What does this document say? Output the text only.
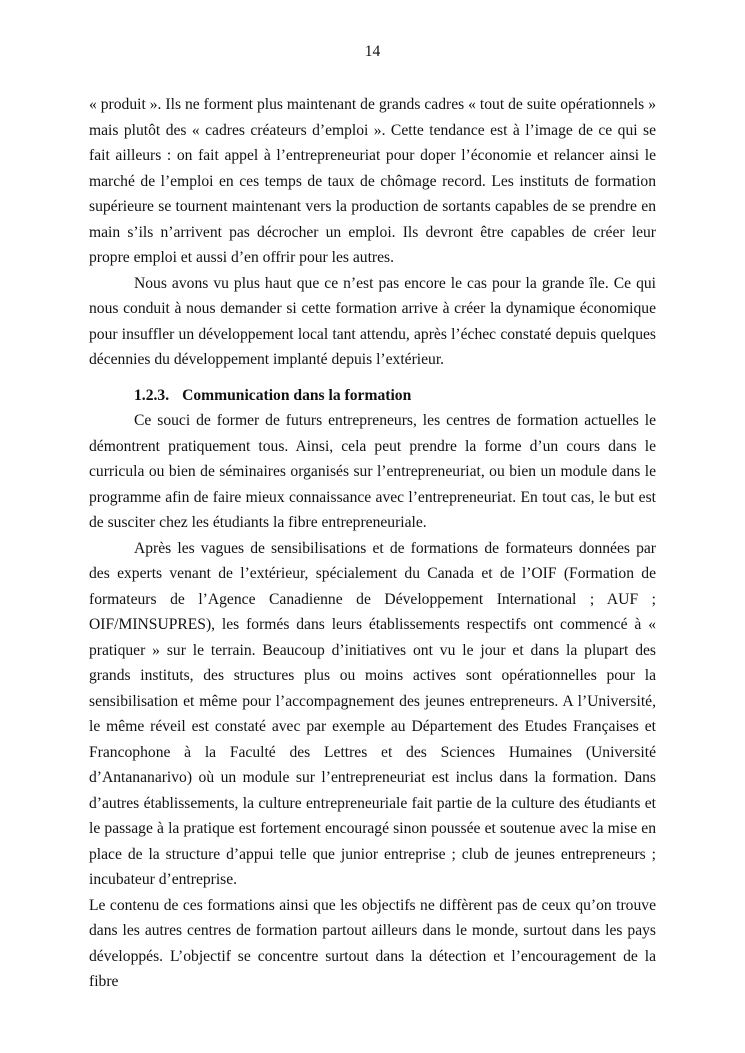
14

« produit ». Ils ne forment plus maintenant de grands cadres « tout de suite opérationnels » mais plutôt des « cadres créateurs d’emploi ». Cette tendance est à l’image de ce qui se fait ailleurs : on fait appel à l’entrepreneuriat pour doper l’économie et relancer ainsi le marché de l’emploi en ces temps de taux de chômage record. Les instituts de formation supérieure se tournent maintenant vers la production de sortants capables de se prendre en main s’ils n’arrivent pas décrocher un emploi. Ils devront être capables de créer leur propre emploi et aussi d’en offrir pour les autres.

Nous avons vu plus haut que ce n’est pas encore le cas pour la grande île. Ce qui nous conduit à nous demander si cette formation arrive à créer la dynamique économique pour insuffler un développement local tant attendu, après l’échec constaté depuis quelques décennies du développement implanté depuis l’extérieur.

1.2.3. Communication dans la formation

Ce souci de former de futurs entrepreneurs, les centres de formation actuelles le démontrent pratiquement tous. Ainsi, cela peut prendre la forme d’un cours dans le curricula ou bien de séminaires organisés sur l’entrepreneuriat, ou bien un module dans le programme afin de faire mieux connaissance avec l’entrepreneuriat. En tout cas, le but est de susciter chez les étudiants la fibre entrepreneuriale.

Après les vagues de sensibilisations et de formations de formateurs données par des experts venant de l’extérieur, spécialement du Canada et de l’OIF (Formation de formateurs de l’Agence Canadienne de Développement International ; AUF ; OIF/MINSUPRES), les formés dans leurs établissements respectifs ont commencé à « pratiquer » sur le terrain. Beaucoup d’initiatives ont vu le jour et dans la plupart des grands instituts, des structures plus ou moins actives sont opérationnelles pour la sensibilisation et même pour l’accompagnement des jeunes entrepreneurs. A l’Université, le même réveil est constaté avec par exemple au Département des Etudes Françaises et Francophone à la Faculté des Lettres et des Sciences Humaines (Université d’Antananarivo) où un module sur l’entrepreneuriat est inclus dans la formation. Dans d’autres établissements, la culture entrepreneuriale fait partie de la culture des étudiants et le passage à la pratique est fortement encouragé sinon poussée et soutenue avec la mise en place de la structure d’appui telle que junior entreprise ; club de jeunes entrepreneurs ; incubateur d’entreprise.

Le contenu de ces formations ainsi que les objectifs ne diffèrent pas de ceux qu’on trouve dans les autres centres de formation partout ailleurs dans le monde, surtout dans les pays développés. L’objectif se concentre surtout dans la détection et l’encouragement de la fibre
